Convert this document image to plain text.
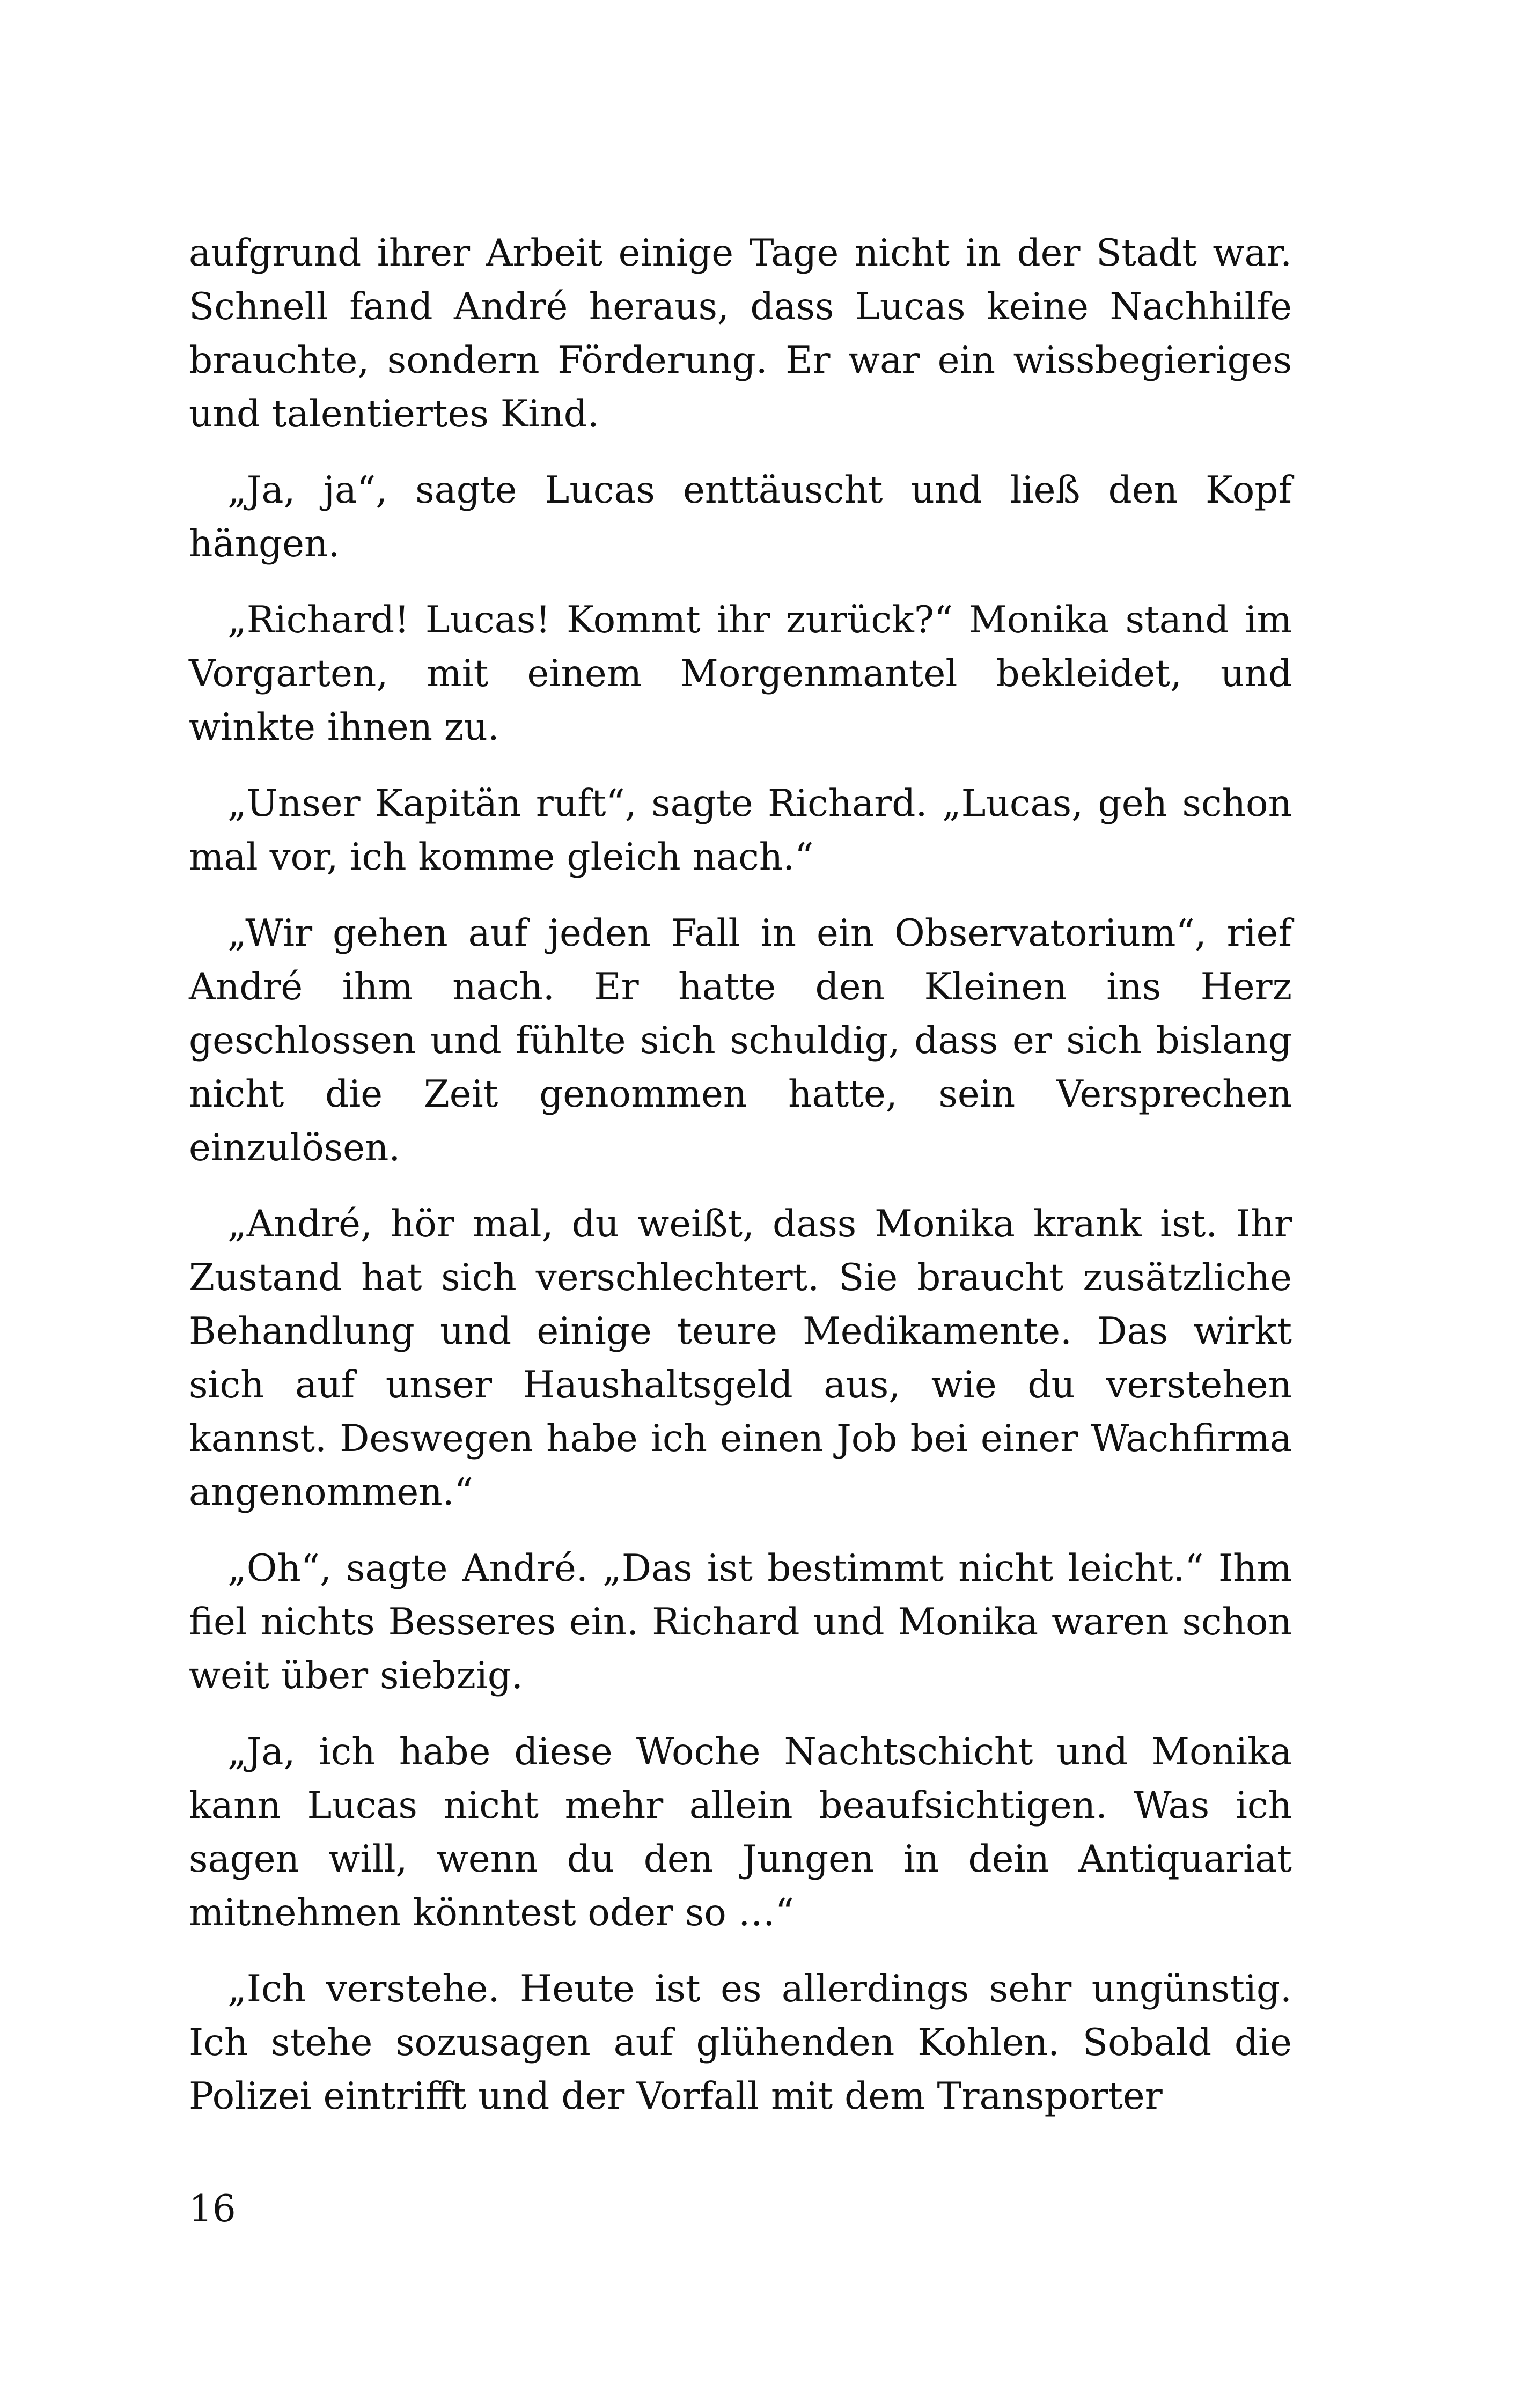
aufgrund ihrer Arbeit einige Tage nicht in der Stadt war. Schnell fand André heraus, dass Lucas keine Nachhilfe brauchte, sondern Förderung. Er war ein wissbegieriges und talentiertes Kind.

„Ja, ja“, sagte Lucas enttäuscht und ließ den Kopf hängen.

„Richard! Lucas! Kommt ihr zurück?“ Monika stand im Vorgarten, mit einem Morgenmantel bekleidet, und winkte ihnen zu.

„Unser Kapitän ruft“, sagte Richard. „Lucas, geh schon mal vor, ich komme gleich nach.“

„Wir gehen auf jeden Fall in ein Observatorium“, rief André ihm nach. Er hatte den Kleinen ins Herz geschlossen und fühlte sich schuldig, dass er sich bislang nicht die Zeit genommen hatte, sein Versprechen einzulösen.

„André, hör mal, du weißt, dass Monika krank ist. Ihr Zustand hat sich verschlechtert. Sie braucht zusätzliche Behandlung und einige teure Medikamente. Das wirkt sich auf unser Haushaltsgeld aus, wie du verstehen kannst. Deswegen habe ich einen Job bei einer Wachfirma angenommen.“

„Oh“, sagte André. „Das ist bestimmt nicht leicht.“ Ihm fiel nichts Besseres ein. Richard und Monika waren schon weit über siebzig.

„Ja, ich habe diese Woche Nachtschicht und Monika kann Lucas nicht mehr allein beaufsichtigen. Was ich sagen will, wenn du den Jungen in dein Antiquariat mitnehmen könntest oder so …“

„Ich verstehe. Heute ist es allerdings sehr ungünstig. Ich stehe sozusagen auf glühenden Kohlen. Sobald die Polizei eintrifft und der Vorfall mit dem Transporter

16
